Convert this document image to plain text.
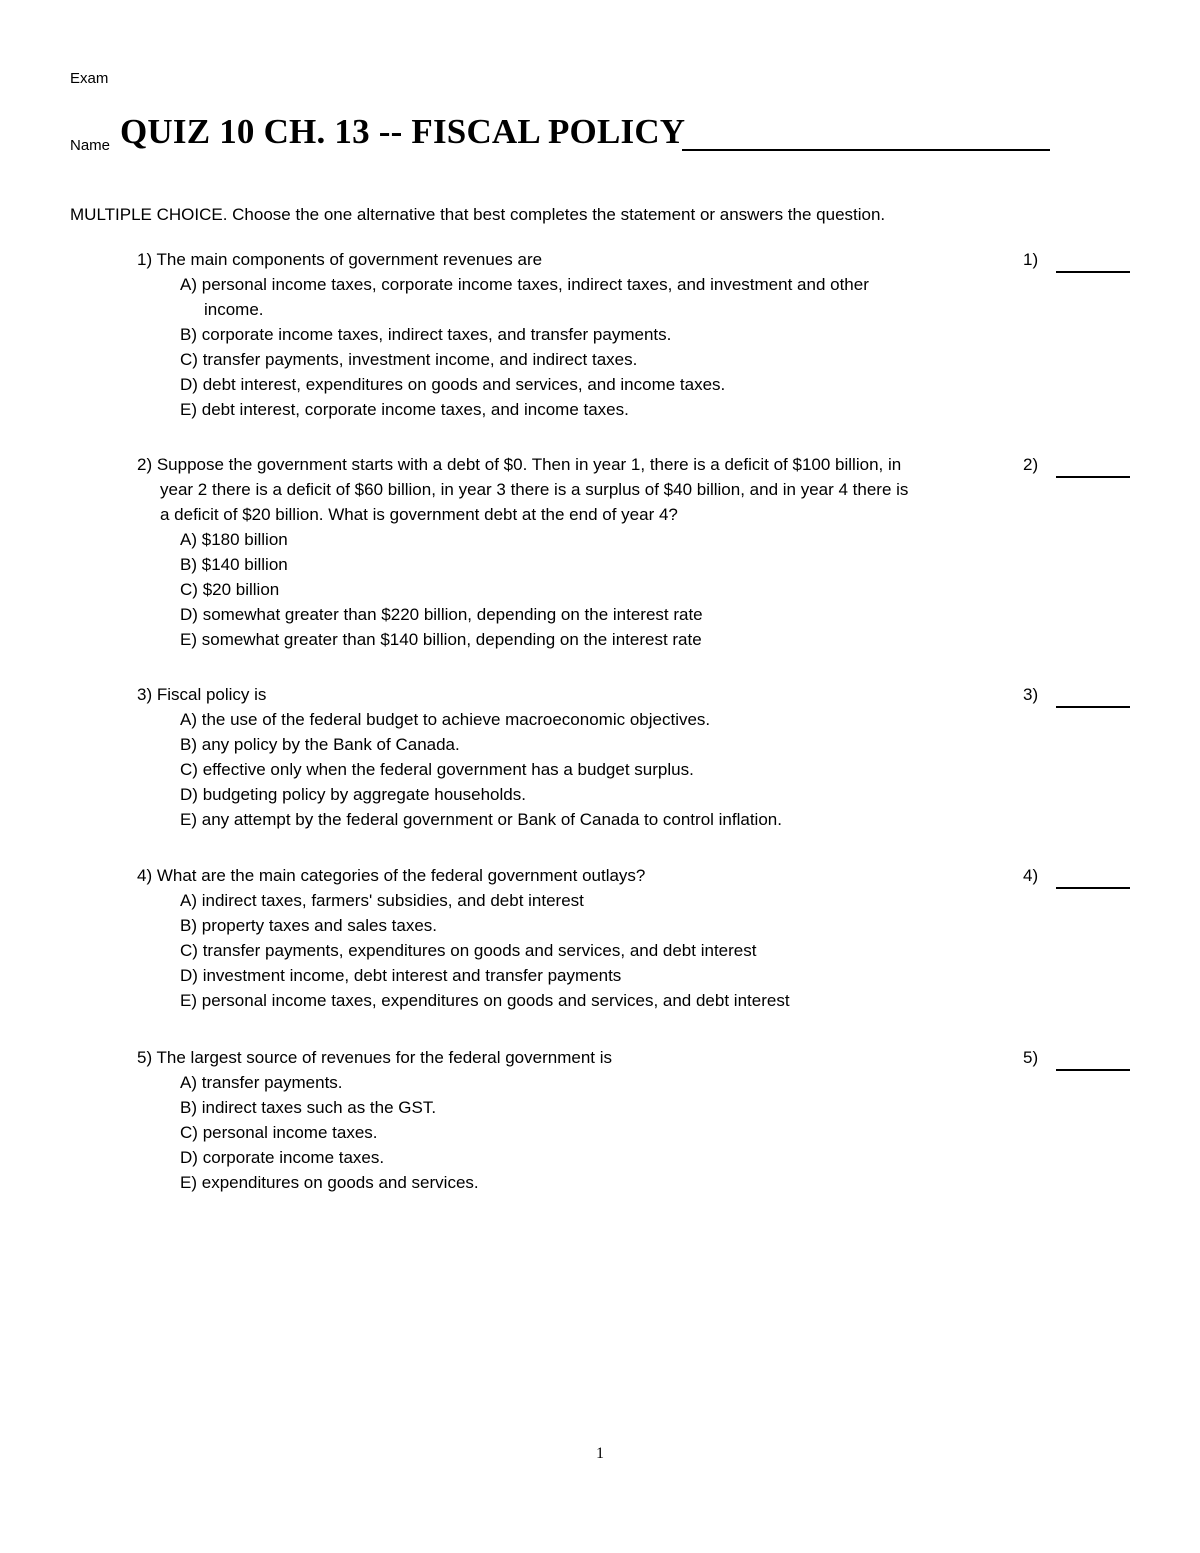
Exam
Name QUIZ 10 CH. 13 -- FISCAL POLICY
MULTIPLE CHOICE. Choose the one alternative that best completes the statement or answers the question.
1) The main components of government revenues are	1)
A) personal income taxes, corporate income taxes, indirect taxes, and investment and other
income.
B) corporate income taxes, indirect taxes, and transfer payments.
C) transfer payments, investment income, and indirect taxes.
D) debt interest, expenditures on goods and services, and income taxes.
E) debt interest, corporate income taxes, and income taxes.
2) Suppose the government starts with a debt of $0. Then in year 1, there is a deficit of $100 billion, in
year 2 there is a deficit of $60 billion, in year 3 there is a surplus of $40 billion, and in year 4 there is
a deficit of $20 billion. What is government debt at the end of year 4?
2)
A) $180 billion
B) $140 billion
C) $20 billion
D) somewhat greater than $220 billion, depending on the interest rate
E) somewhat greater than $140 billion, depending on the interest rate
3) Fiscal policy is	3)
A) the use of the federal budget to achieve macroeconomic objectives.
B) any policy by the Bank of Canada.
C) effective only when the federal government has a budget surplus.
D) budgeting policy by aggregate households.
E) any attempt by the federal government or Bank of Canada to control inflation.
4) What are the main categories of the federal government outlays?	4)
A) indirect taxes, farmers' subsidies, and debt interest
B) property taxes and sales taxes.
C) transfer payments, expenditures on goods and services, and debt interest
D) investment income, debt interest and transfer payments
E) personal income taxes, expenditures on goods and services, and debt interest
5) The largest source of revenues for the federal government is	5)
A) transfer payments.
B) indirect taxes such as the GST.
C) personal income taxes.
D) corporate income taxes.
E) expenditures on goods and services.
1
